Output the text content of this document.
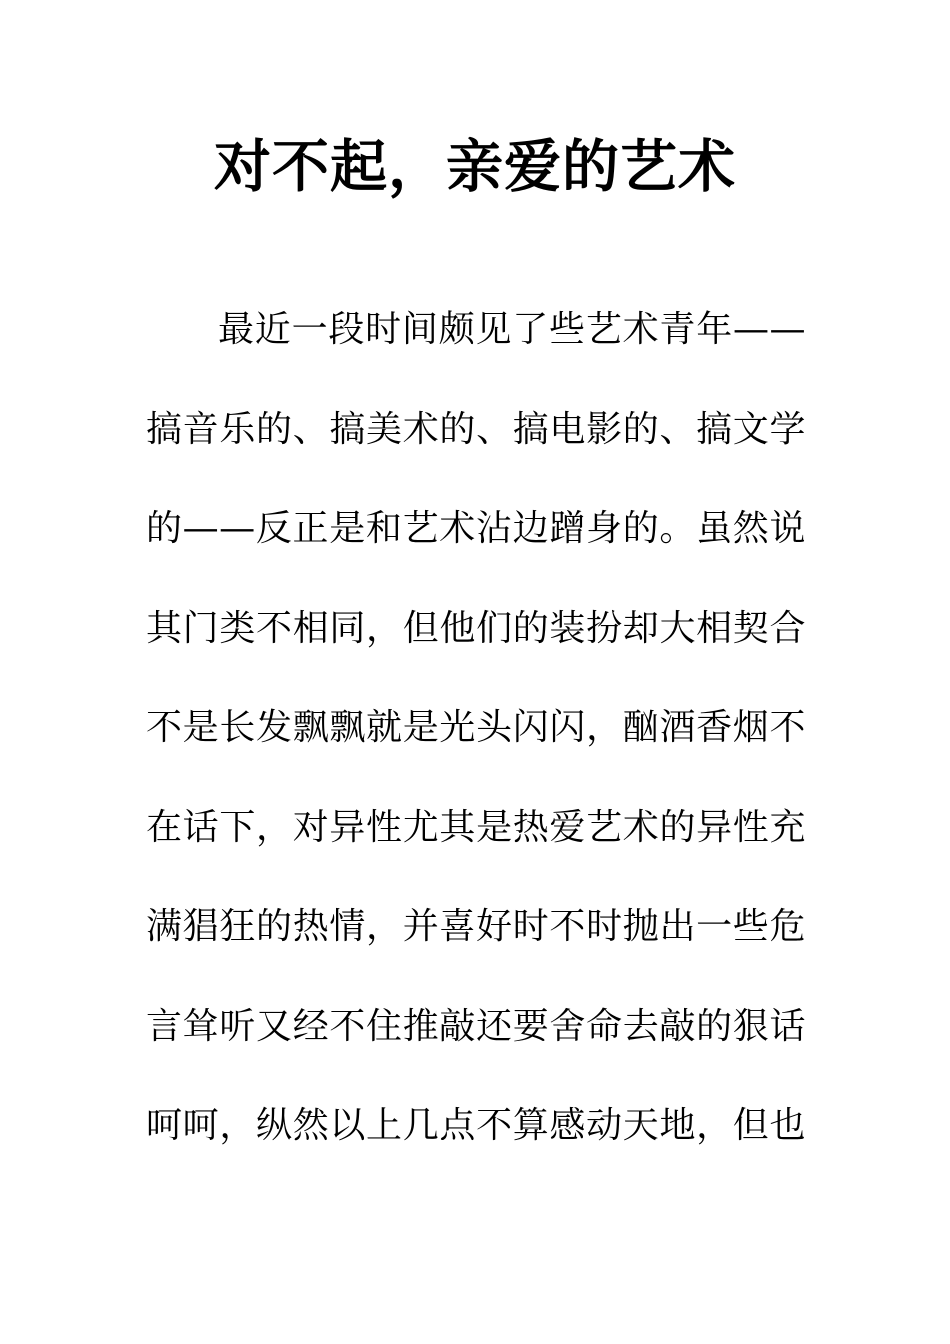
对不起，亲爱的艺术
最近一段时间颇见了些艺术青年——
搞音乐的、搞美术的、搞电影的、搞文学
的——反正是和艺术沾边蹭身的。虽然说
其门类不相同，但他们的装扮却大相契合
不是长发飘飘就是光头闪闪，酗酒香烟不
在话下，对异性尤其是热爱艺术的异性充
满猖狂的热情，并喜好时不时抛出一些危
言耸听又经不住推敲还要舍命去敲的狠话
呵呵，纵然以上几点不算感动天地，但也
